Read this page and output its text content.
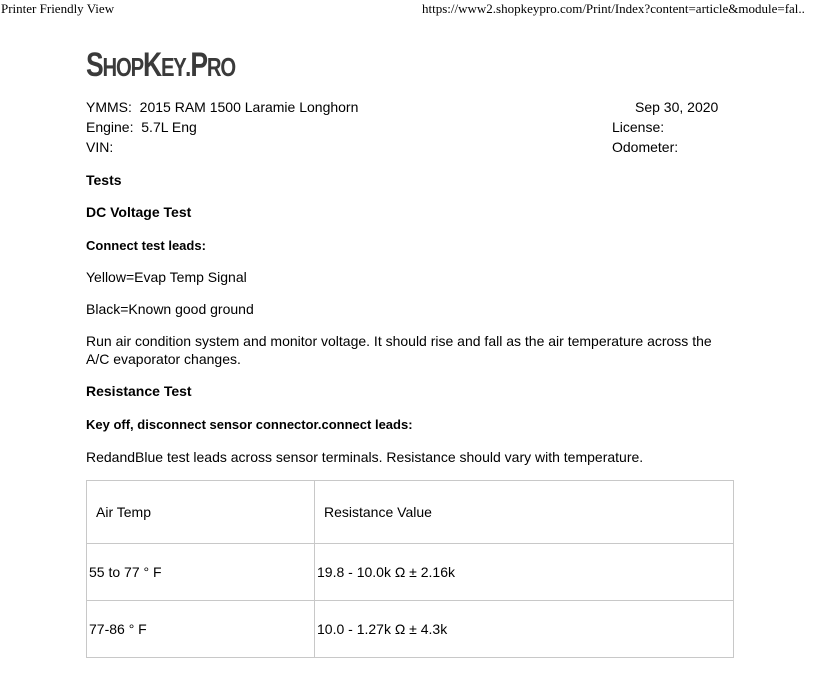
Printer Friendly View	https://www2.shopkeypro.com/Print/Index?content=article&module=fal..
SHOPKEY PRO
YMMS: 2015 RAM 1500 Laramie Longhorn
Engine: 5.7L Eng
VIN:
Sep 30, 2020
License:
Odometer:
Tests
DC Voltage Test
Connect test leads:
Yellow=Evap Temp Signal
Black=Known good ground
Run air condition system and monitor voltage. It should rise and fall as the air temperature across the A/C evaporator changes.
Resistance Test
Key off, disconnect sensor connector.connect leads:
RedandBlue test leads across sensor terminals. Resistance should vary with temperature.
Air Temp	Resistance Value
55 to 77 ° F	19.8 - 10.0k Ω ± 2.16k
77-86 ° F	10.0 - 1.27k Ω ± 4.3k
